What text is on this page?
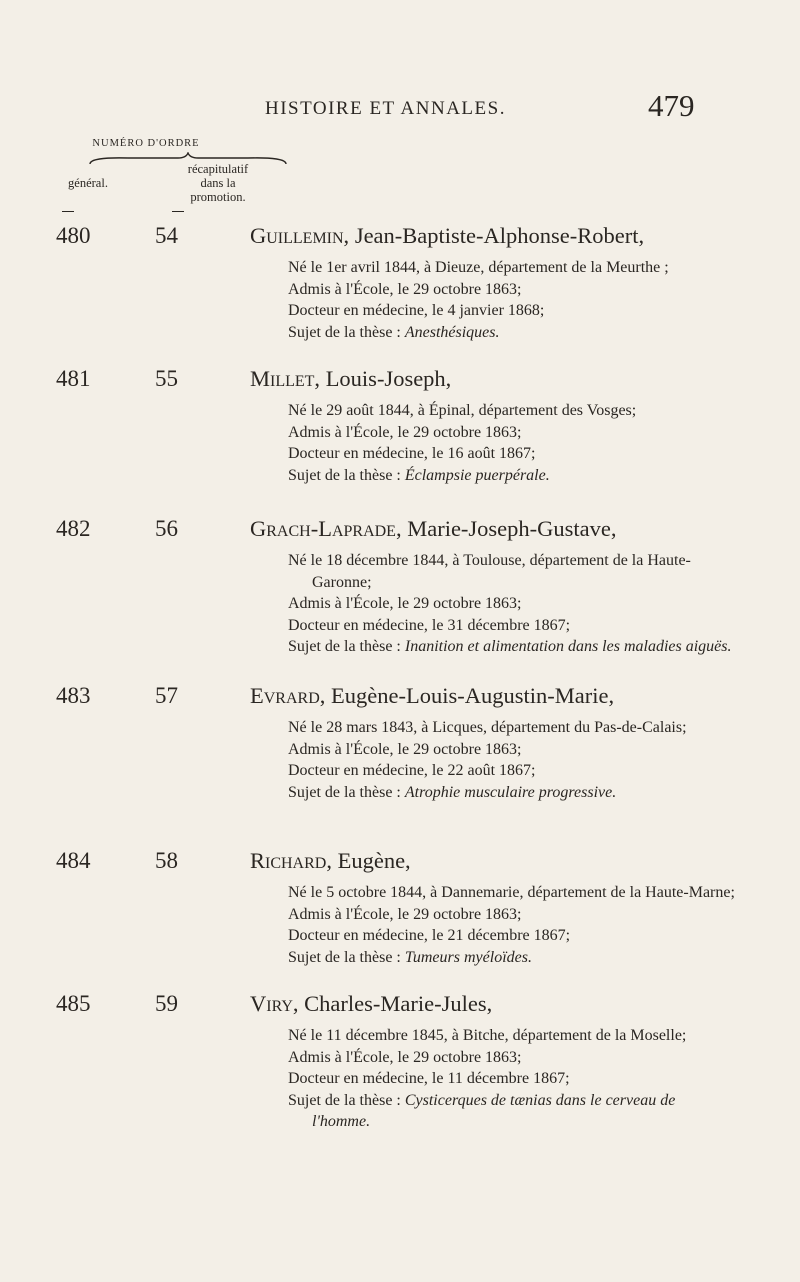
HISTOIRE ET ANNALES.	479
NUMÉRO D'ORDRE
général.
récapitulatif
dans la
promotion.
480	54	Guillemin, Jean-Baptiste-Alphonse-Robert,

Né le 1er avril 1844, à Dieuze, département de la Meurthe ;

Admis à l'École, le 29 octobre 1863;

Docteur en médecine, le 4 janvier 1868;

Sujet de la thèse : Anesthésiques.

481	55	Millet, Louis-Joseph,

Né le 29 août 1844, à Épinal, département des Vosges;

Admis à l'École, le 29 octobre 1863;

Docteur en médecine, le 16 août 1867;

Sujet de la thèse : Éclampsie puerpérale.

482	56	Grach-Laprade, Marie-Joseph-Gustave,

Né le 18 décembre 1844, à Toulouse, département de la Haute-Garonne;

Admis à l'École, le 29 octobre 1863;

Docteur en médecine, le 31 décembre 1867;

Sujet de la thèse : Inanition et alimentation dans les maladies aiguës.

483	57	Evrard, Eugène-Louis-Augustin-Marie,

Né le 28 mars 1843, à Licques, département du Pas-de-Calais;

Admis à l'École, le 29 octobre 1863;

Docteur en médecine, le 22 août 1867;

Sujet de la thèse : Atrophie musculaire progressive.

484	58	Richard, Eugène,

Né le 5 octobre 1844, à Dannemarie, département de la Haute-Marne;

Admis à l'École, le 29 octobre 1863;

Docteur en médecine, le 21 décembre 1867;

Sujet de la thèse : Tumeurs myéloïdes.

485	59	Viry, Charles-Marie-Jules,

Né le 11 décembre 1845, à Bitche, département de la Moselle;

Admis à l'École, le 29 octobre 1863;

Docteur en médecine, le 11 décembre 1867;

Sujet de la thèse : Cysticerques de tænias dans le cerveau de l'homme.
